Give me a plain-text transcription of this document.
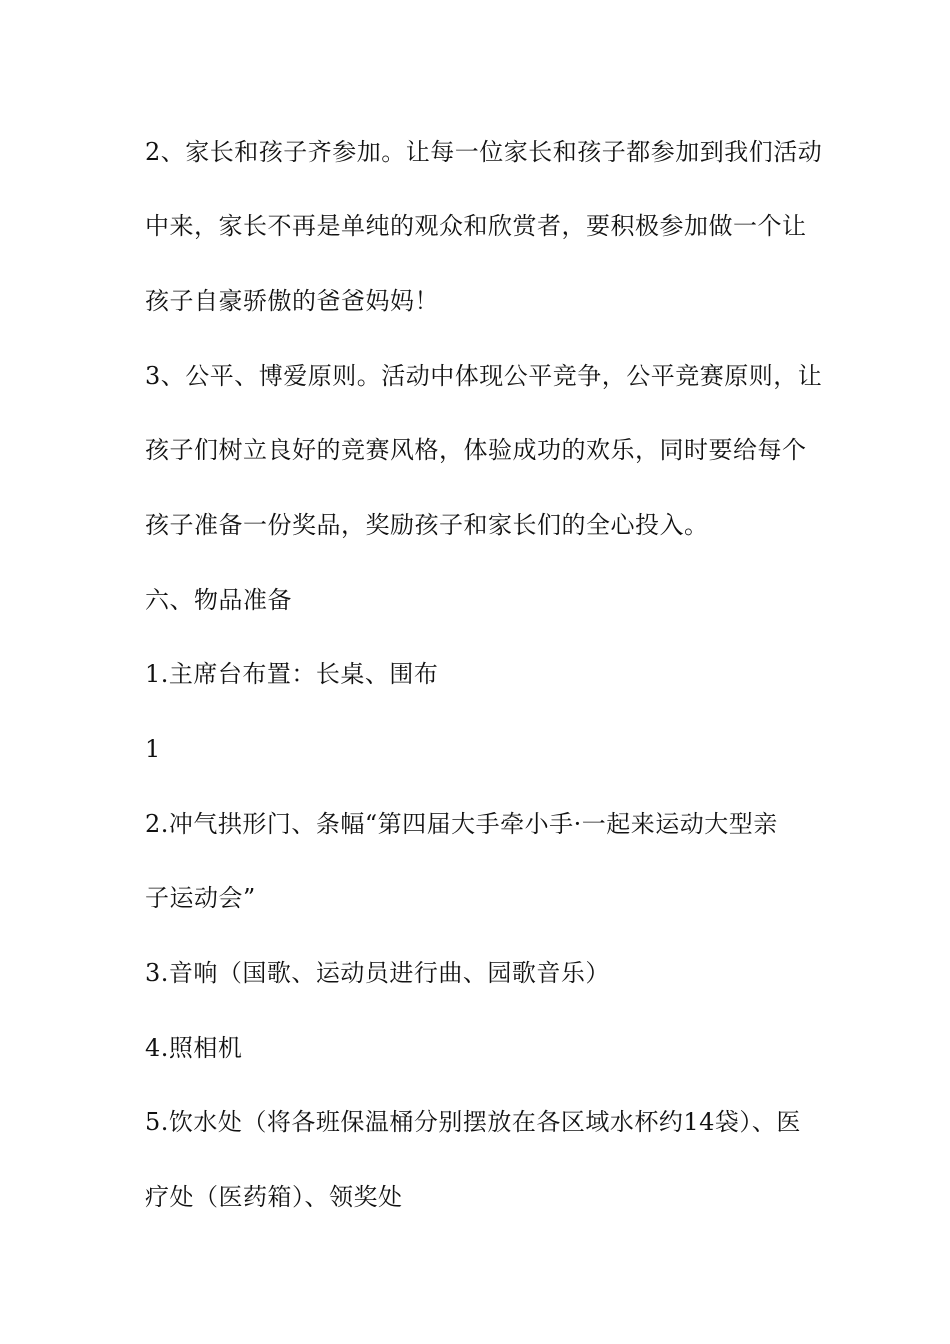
2、家长和孩子齐参加。让每一位家长和孩子都参加到我们活动
中来，家长不再是单纯的观众和欣赏者，要积极参加做一个让
孩子自豪骄傲的爸爸妈妈！
3、公平、博爱原则。活动中体现公平竞争，公平竞赛原则，让
孩子们树立良好的竞赛风格，体验成功的欢乐，同时要给每个
孩子准备一份奖品，奖励孩子和家长们的全心投入。
六、物品准备
1.主席台布置：长桌、围布
1
2.冲气拱形门、条幅“第四届大手牵小手·一起来运动大型亲
子运动会”
3.音响（国歌、运动员进行曲、园歌音乐）
4.照相机
5.饮水处（将各班保温桶分别摆放在各区域水杯约14袋）、医
疗处（医药箱）、领奖处
